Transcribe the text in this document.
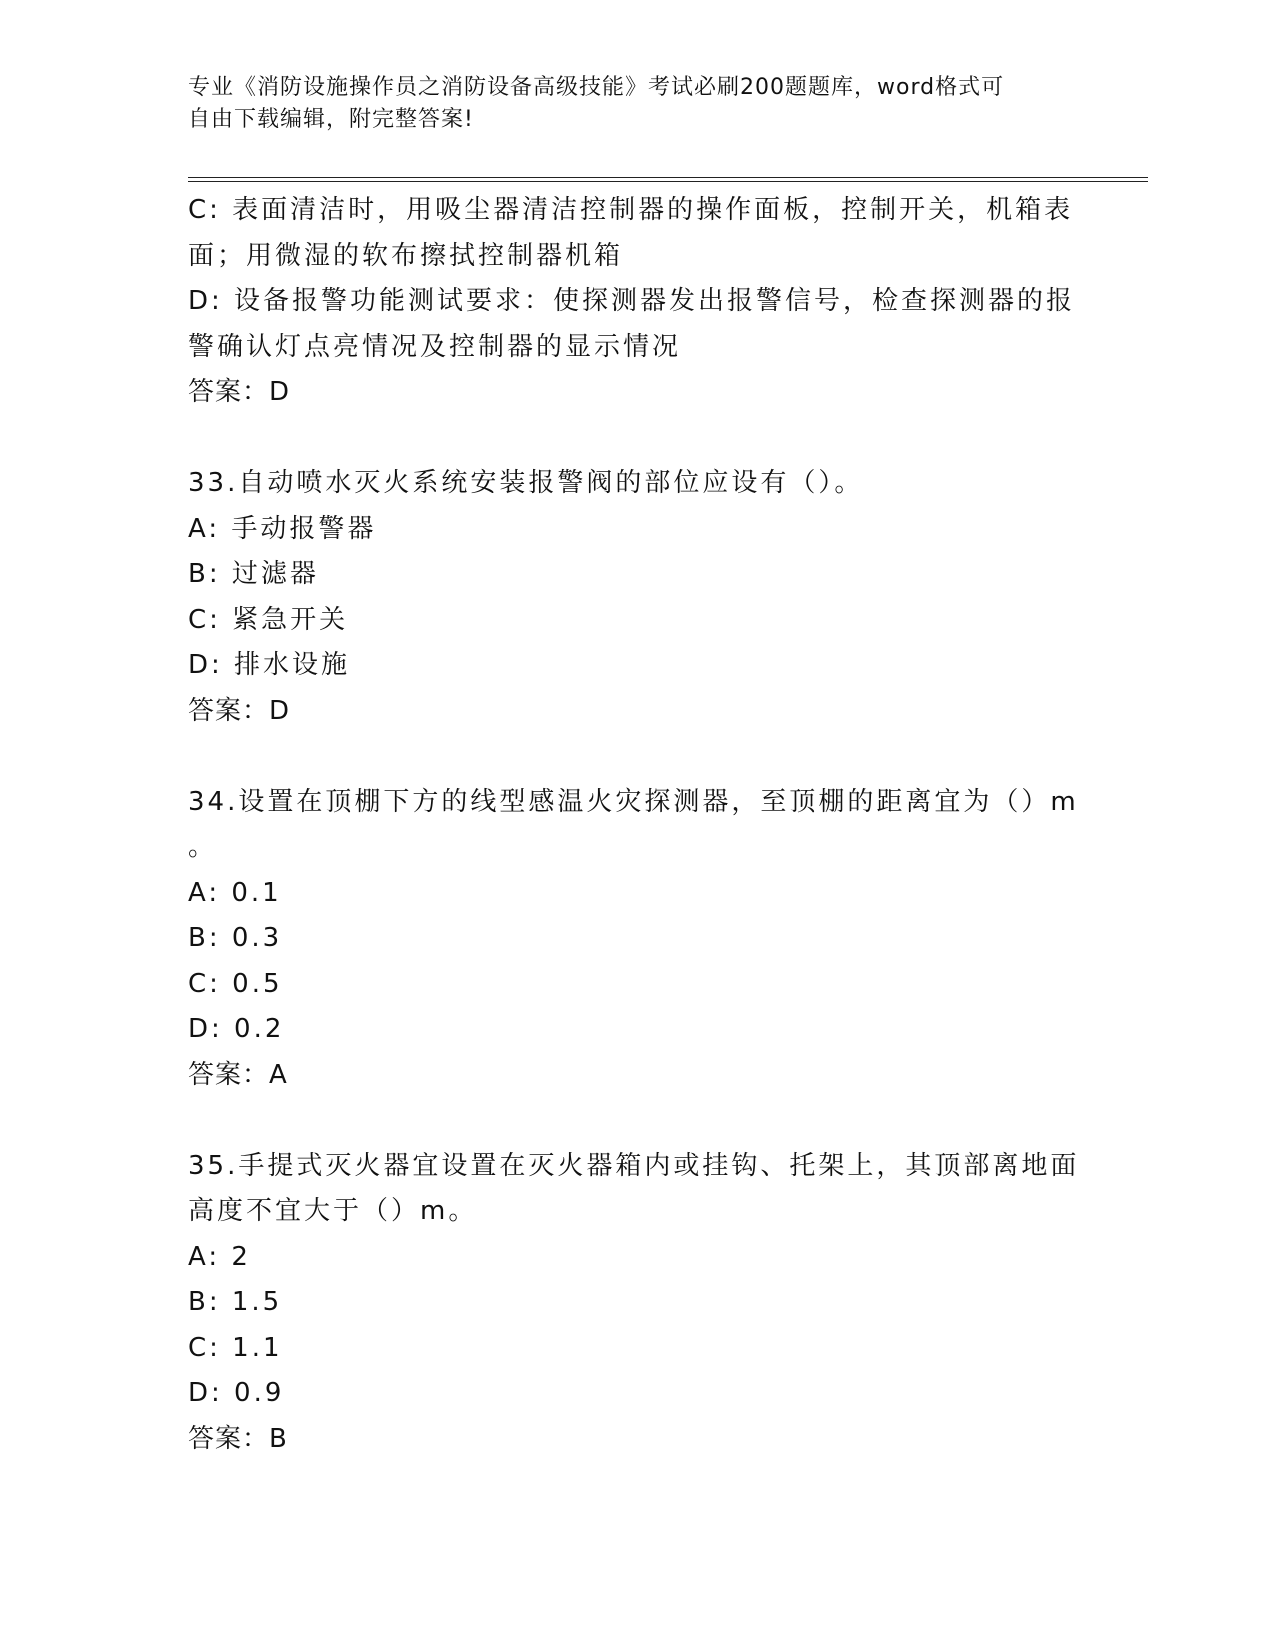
专业《消防设施操作员之消防设备高级技能》考试必刷200题题库，word格式可
自由下载编辑，附完整答案!
C: 表面清洁时，用吸尘器清洁控制器的操作面板，控制开关，机箱表
面；用微湿的软布擦拭控制器机箱
D: 设备报警功能测试要求：使探测器发出报警信号，检查探测器的报
警确认灯点亮情况及控制器的显示情况
答案：D
33.自动喷水灭火系统安装报警阀的部位应设有（）。
A: 手动报警器
B: 过滤器
C: 紧急开关
D: 排水设施
答案：D
34.设置在顶棚下方的线型感温火灾探测器，至顶棚的距离宜为（）m
。
A: 0.1
B: 0.3
C: 0.5
D: 0.2
答案：A
35.手提式灭火器宜设置在灭火器箱内或挂钩、托架上，其顶部离地面
高度不宜大于（）m。
A: 2
B: 1.5
C: 1.1
D: 0.9
答案：B
